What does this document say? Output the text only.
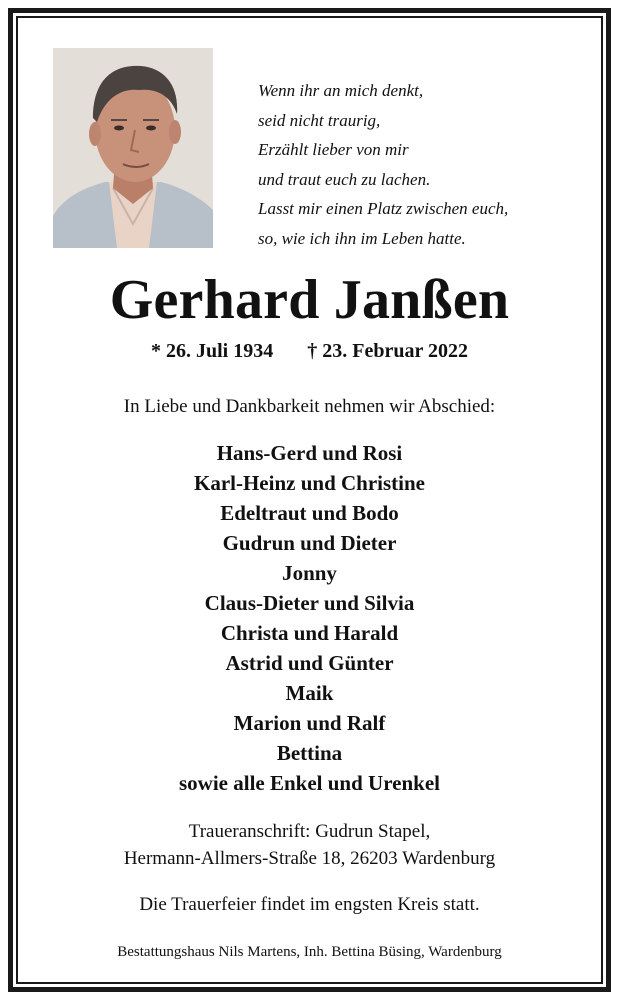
Wenn ihr an mich denkt,
seid nicht traurig,
Erzählt lieber von mir
und traut euch zu lachen.
Lasst mir einen Platz zwischen euch,
so, wie ich ihn im Leben hatte.
Gerhard Janßen
* 26. Juli 1934 † 23. Februar 2022
In Liebe und Dankbarkeit nehmen wir Abschied:
Hans-Gerd und Rosi
Karl-Heinz und Christine
Edeltraut und Bodo
Gudrun und Dieter
Jonny
Claus-Dieter und Silvia
Christa und Harald
Astrid und Günter
Maik
Marion und Ralf
Bettina
sowie alle Enkel und Urenkel
Traueranschrift: Gudrun Stapel,
Hermann-Allmers-Straße 18, 26203 Wardenburg
Die Trauerfeier findet im engsten Kreis statt.
Bestattungshaus Nils Martens, Inh. Bettina Büsing, Wardenburg
